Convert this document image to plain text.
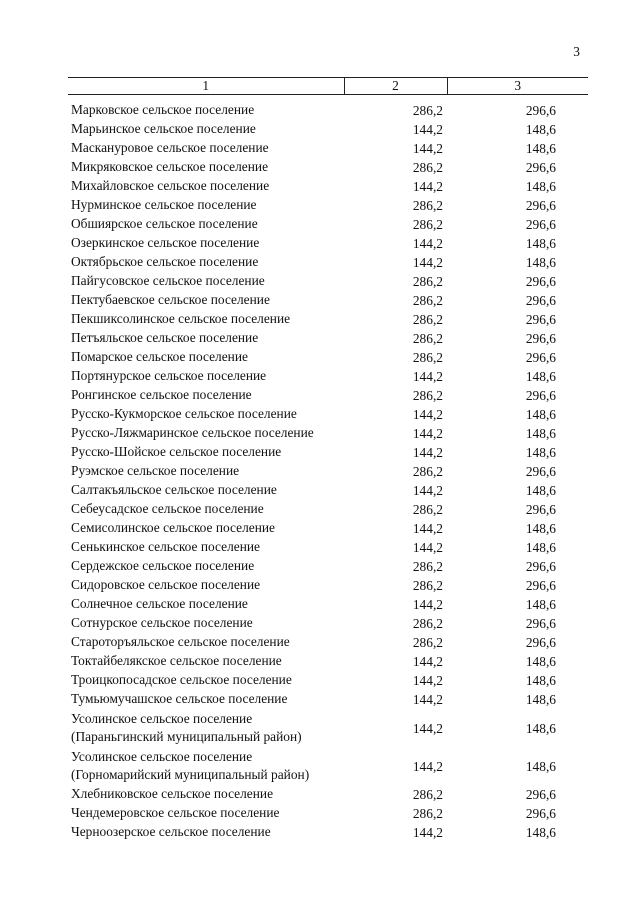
3
1	2	3
Марковское сельское поселение	286,2	296,6
Марьинское сельское поселение	144,2	148,6
Маскануровое сельское поселение	144,2	148,6
Микряковское сельское поселение	286,2	296,6
Михайловское сельское поселение	144,2	148,6
Нурминское сельское поселение	286,2	296,6
Обшиярское сельское поселение	286,2	296,6
Озеркинское сельское поселение	144,2	148,6
Октябрьское сельское поселение	144,2	148,6
Пайгусовское сельское поселение	286,2	296,6
Пектубаевское сельское поселение	286,2	296,6
Пекшиксолинское сельское поселение	286,2	296,6
Петъяльское сельское поселение	286,2	296,6
Помарское сельское поселение	286,2	296,6
Портянурское сельское поселение	144,2	148,6
Ронгинское сельское поселение	286,2	296,6
Русско-Кукморское сельское поселение	144,2	148,6
Русско-Ляжмаринское сельское поселение	144,2	148,6
Русско-Шойское сельское поселение	144,2	148,6
Руэмское сельское поселение	286,2	296,6
Салтакъяльское сельское поселение	144,2	148,6
Себеусадское сельское поселение	286,2	296,6
Семисолинское сельское поселение	144,2	148,6
Сенькинское сельское поселение	144,2	148,6
Сердежское сельское поселение	286,2	296,6
Сидоровское сельское поселение	286,2	296,6
Солнечное сельское поселение	144,2	148,6
Сотнурское сельское поселение	286,2	296,6
Староторъяльское сельское поселение	286,2	296,6
Токтайбелякское сельское поселение	144,2	148,6
Троицкопосадское сельское поселение	144,2	148,6
Тумьюмучашское сельское поселение	144,2	148,6
Усолинское сельское поселение (Параньгинский муниципальный район)	144,2	148,6
Усолинское сельское поселение (Горномарийский муниципальный район)	144,2	148,6
Хлебниковское сельское поселение	286,2	296,6
Чендемеровское сельское поселение	286,2	296,6
Черноозерское сельское поселение	144,2	148,6
